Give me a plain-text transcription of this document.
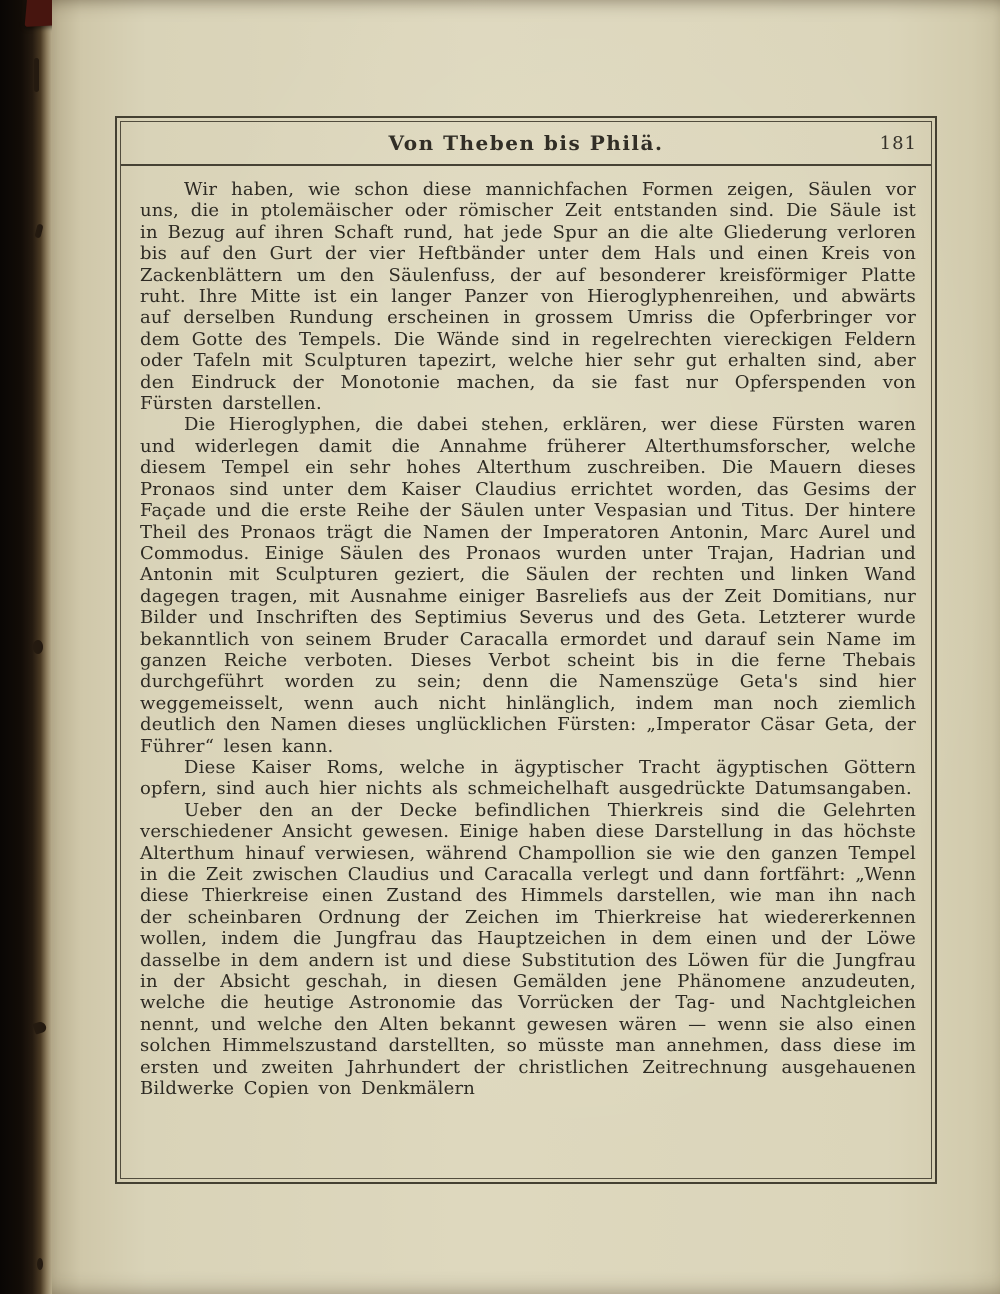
Von Theben bis Philä.	181

Wir haben, wie schon diese mannichfachen Formen zeigen, Säulen vor uns, die in ptolemäischer oder römischer Zeit entstanden sind. Die Säule ist in Bezug auf ihren Schaft rund, hat jede Spur an die alte Gliederung verloren bis auf den Gurt der vier Heftbänder unter dem Hals und einen Kreis von Zackenblättern um den Säulenfuss, der auf besonderer kreisförmiger Platte ruht. Ihre Mitte ist ein langer Panzer von Hieroglyphenreihen, und abwärts auf derselben Rundung erscheinen in grossem Umriss die Opferbringer vor dem Gotte des Tempels. Die Wände sind in regelrechten viereckigen Feldern oder Tafeln mit Sculpturen tapezirt, welche hier sehr gut erhalten sind, aber den Eindruck der Monotonie machen, da sie fast nur Opferspenden von Fürsten darstellen.

Die Hieroglyphen, die dabei stehen, erklären, wer diese Fürsten waren und widerlegen damit die Annahme früherer Alterthumsforscher, welche diesem Tempel ein sehr hohes Alterthum zuschreiben. Die Mauern dieses Pronaos sind unter dem Kaiser Claudius errichtet worden, das Gesims der Façade und die erste Reihe der Säulen unter Vespasian und Titus. Der hintere Theil des Pronaos trägt die Namen der Imperatoren Antonin, Marc Aurel und Commodus. Einige Säulen des Pronaos wurden unter Trajan, Hadrian und Antonin mit Sculpturen geziert, die Säulen der rechten und linken Wand dagegen tragen, mit Ausnahme einiger Basreliefs aus der Zeit Domitians, nur Bilder und Inschriften des Septimius Severus und des Geta. Letzterer wurde bekanntlich von seinem Bruder Caracalla ermordet und darauf sein Name im ganzen Reiche verboten. Dieses Verbot scheint bis in die ferne Thebais durchgeführt worden zu sein; denn die Namenszüge Geta's sind hier weggemeisselt, wenn auch nicht hinlänglich, indem man noch ziemlich deutlich den Namen dieses unglücklichen Fürsten: „Imperator Cäsar Geta, der Führer“ lesen kann.

Diese Kaiser Roms, welche in ägyptischer Tracht ägyptischen Göttern opfern, sind auch hier nichts als schmeichelhaft ausgedrückte Datumsangaben.

Ueber den an der Decke befindlichen Thierkreis sind die Gelehrten verschiedener Ansicht gewesen. Einige haben diese Darstellung in das höchste Alterthum hinauf verwiesen, während Champollion sie wie den ganzen Tempel in die Zeit zwischen Claudius und Caracalla verlegt und dann fortfährt: „Wenn diese Thierkreise einen Zustand des Himmels darstellen, wie man ihn nach der scheinbaren Ordnung der Zeichen im Thierkreise hat wiedererkennen wollen, indem die Jungfrau das Hauptzeichen in dem einen und der Löwe dasselbe in dem andern ist und diese Substitution des Löwen für die Jungfrau in der Absicht geschah, in diesen Gemälden jene Phänomene anzudeuten, welche die heutige Astronomie das Vorrücken der Tag- und Nachtgleichen nennt, und welche den Alten bekannt gewesen wären — wenn sie also einen solchen Himmelszustand darstellten, so müsste man annehmen, dass diese im ersten und zweiten Jahrhundert der christlichen Zeitrechnung ausgehauenen Bildwerke Copien von Denkmälern
